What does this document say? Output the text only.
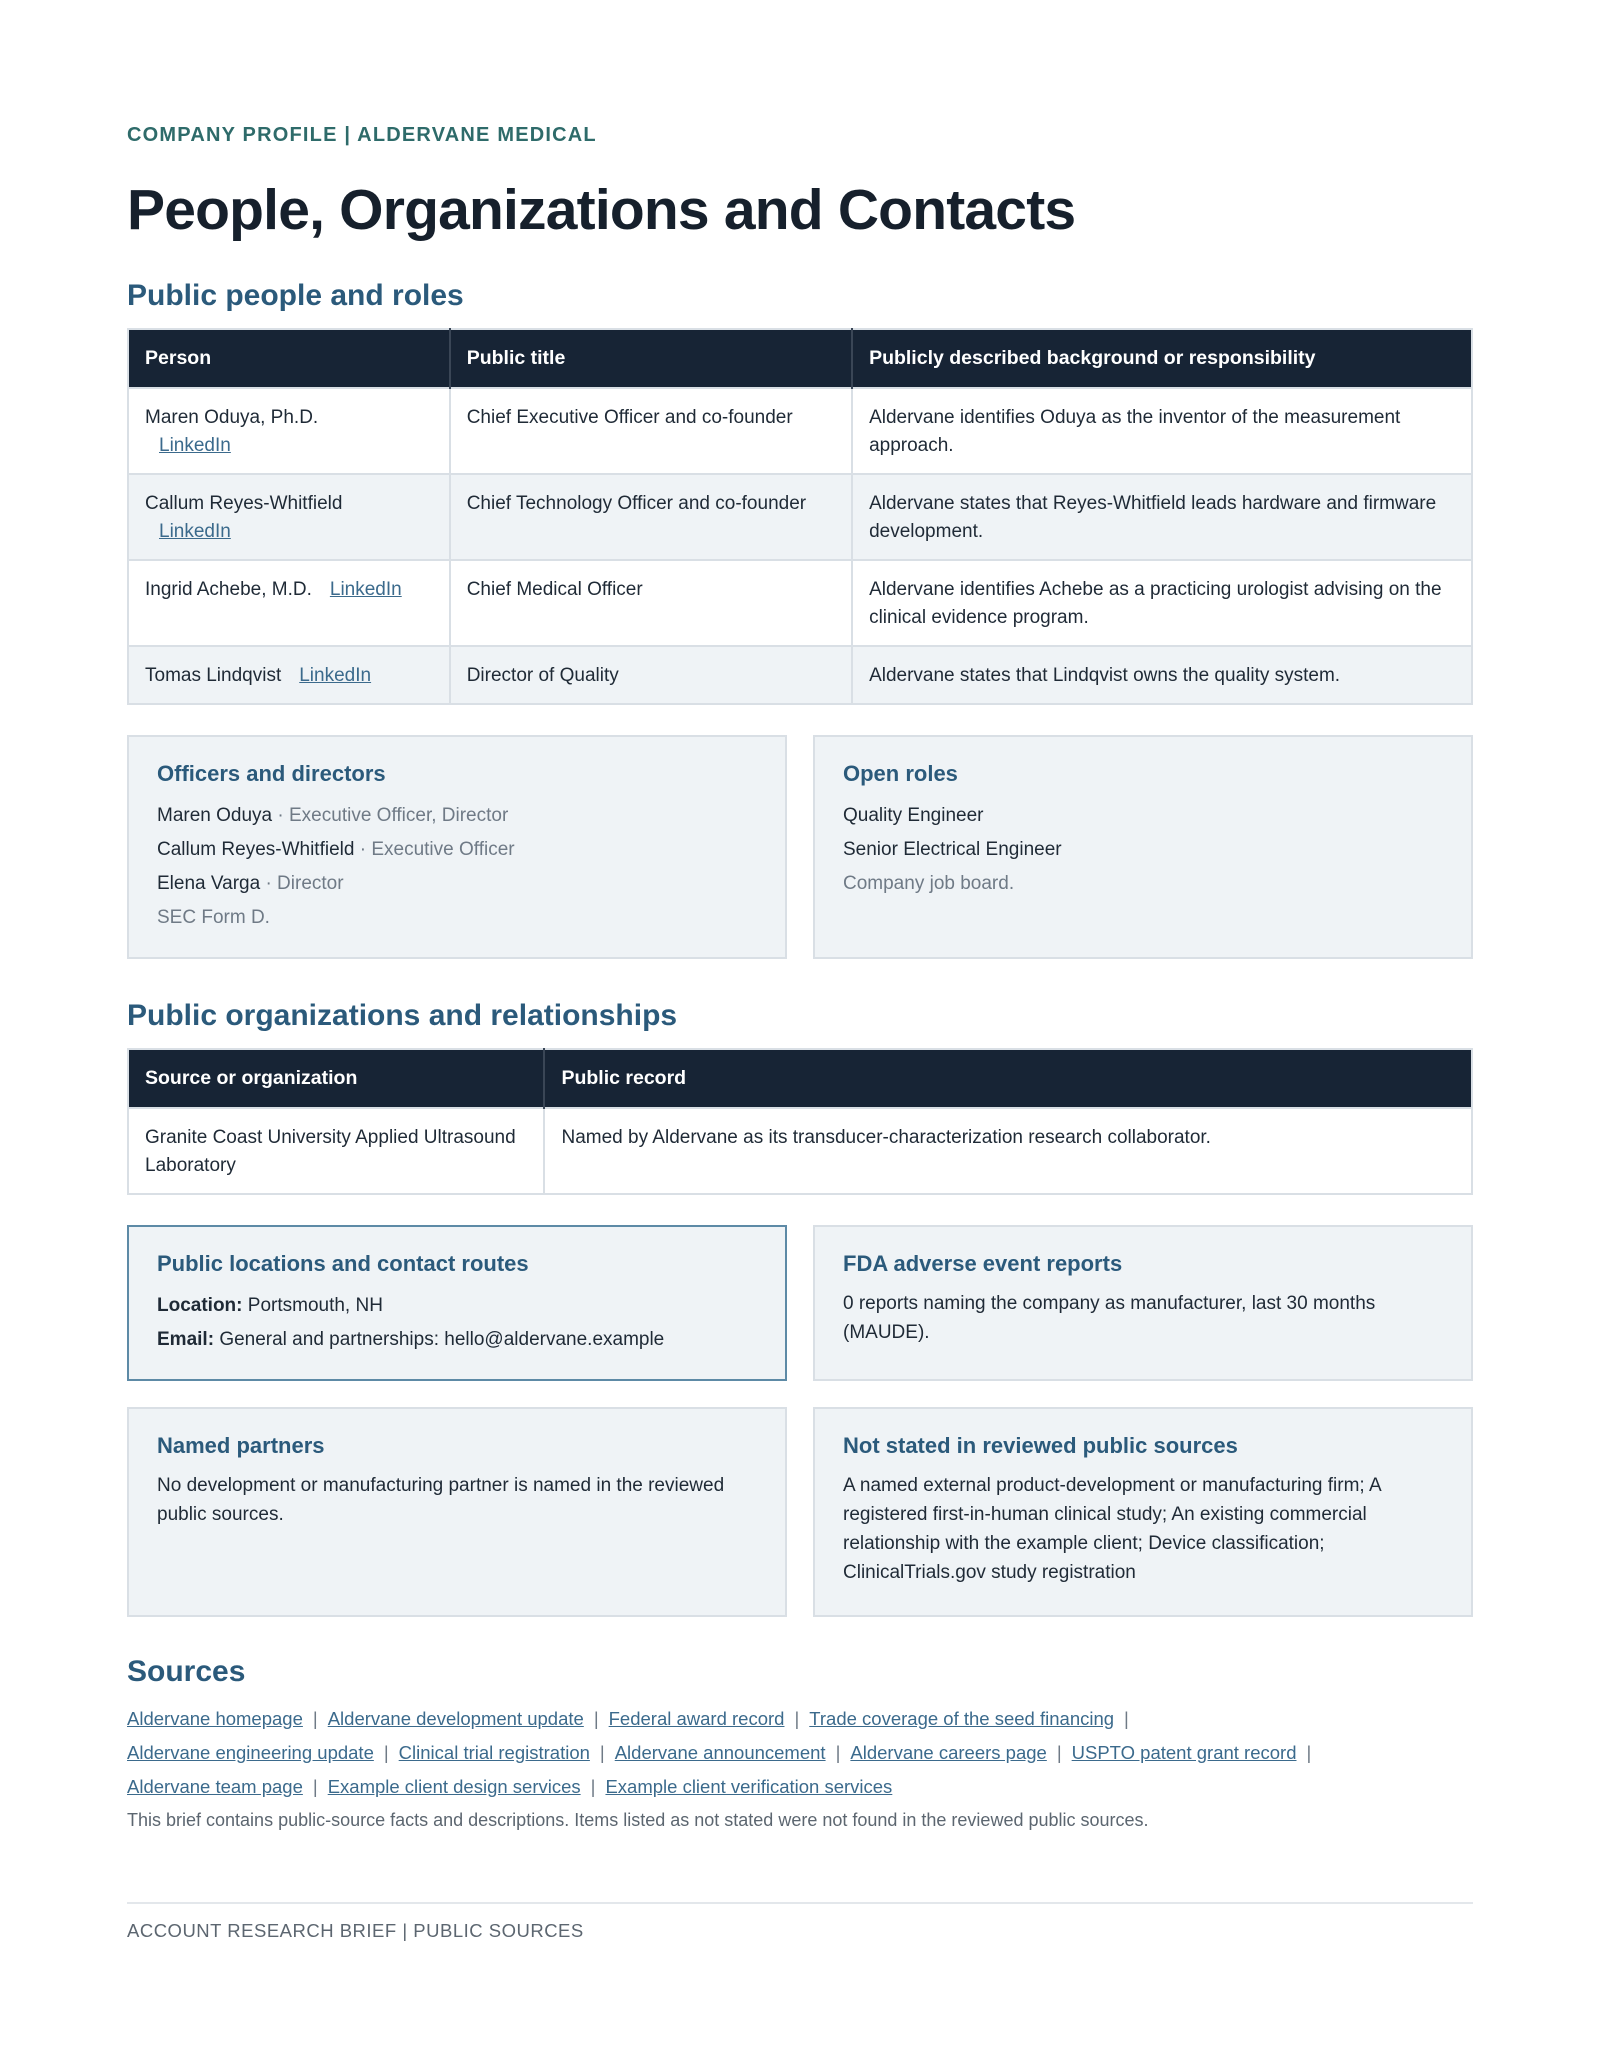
COMPANY PROFILE | ALDERVANE MEDICAL
People, Organizations and Contacts
Public people and roles
Person	Public title	Publicly described background or responsibility
Maren Oduya, Ph.D.
LinkedIn	Chief Executive Officer and co-founder	Aldervane identifies Oduya as the inventor of the measurement approach.
Callum Reyes-Whitfield
LinkedIn	Chief Technology Officer and co-founder	Aldervane states that Reyes-Whitfield leads hardware and firmware development.
Ingrid Achebe, M.D. LinkedIn	Chief Medical Officer	Aldervane identifies Achebe as a practicing urologist advising on the clinical evidence program.
Tomas Lindqvist LinkedIn	Director of Quality	Aldervane states that Lindqvist owns the quality system.
Officers and directors
Maren Oduya · Executive Officer, Director
Callum Reyes-Whitfield · Executive Officer
Elena Varga · Director
SEC Form D.
Open roles
Quality Engineer
Senior Electrical Engineer
Company job board.
Public organizations and relationships
Source or organization	Public record
Granite Coast University Applied Ultrasound Laboratory	Named by Aldervane as its transducer-characterization research collaborator.
Public locations and contact routes
Location: Portsmouth, NH
Email: General and partnerships: hello@aldervane.example
FDA adverse event reports
0 reports naming the company as manufacturer, last 30 months (MAUDE).
Named partners
No development or manufacturing partner is named in the reviewed public sources.
Not stated in reviewed public sources
A named external product-development or manufacturing firm; A registered first-in-human clinical study; An existing commercial relationship with the example client; Device classification; ClinicalTrials.gov study registration
Sources
Aldervane homepage | Aldervane development update | Federal award record | Trade coverage of the seed financing |
Aldervane engineering update | Clinical trial registration | Aldervane announcement | Aldervane careers page | USPTO patent grant record |
Aldervane team page | Example client design services | Example client verification services
This brief contains public-source facts and descriptions. Items listed as not stated were not found in the reviewed public sources.
ACCOUNT RESEARCH BRIEF | PUBLIC SOURCES
